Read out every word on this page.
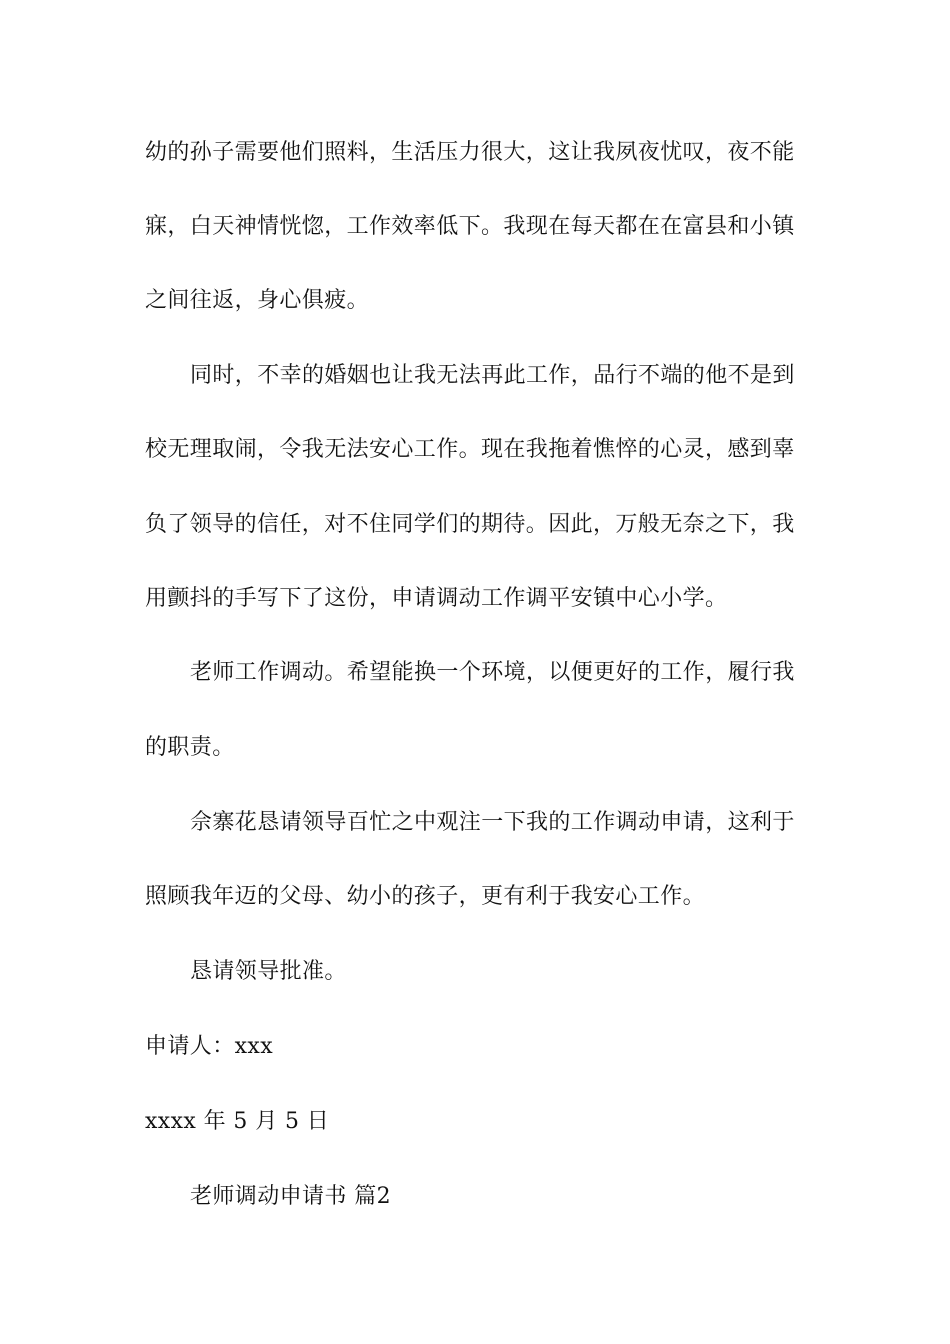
幼的孙子需要他们照料，生活压力很大，这让我夙夜忧叹，夜不能
寐，白天神情恍惚，工作效率低下。我现在每天都在在富县和小镇
之间往返，身心俱疲。
同时，不幸的婚姻也让我无法再此工作，品行不端的他不是到
校无理取闹，令我无法安心工作。现在我拖着憔悴的心灵，感到辜
负了领导的信任，对不住同学们的期待。因此，万般无奈之下，我
用颤抖的手写下了这份，申请调动工作调平安镇中心小学。
老师工作调动。希望能换一个环境，以便更好的工作，履行我
的职责。
佘寨花恳请领导百忙之中观注一下我的工作调动申请，这利于
照顾我年迈的父母、幼小的孩子，更有利于我安心工作。
恳请领导批准。
申请人：xxx
xxxx 年 5 月 5 日
老师调动申请书 篇2
